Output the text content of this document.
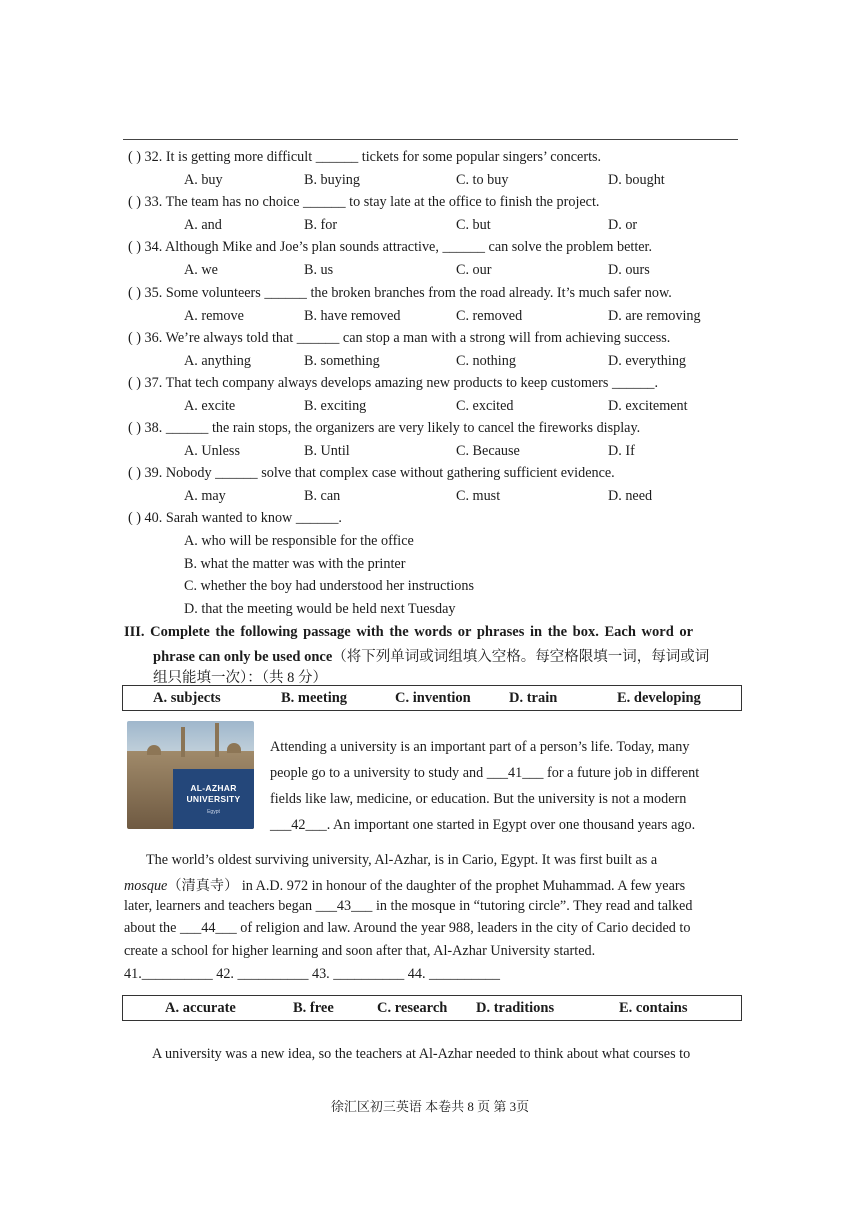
( ) 32. It is getting more difficult ______ tickets for some popular singers’ concerts.
A. buy	B. buying	C. to buy	D. bought
( ) 33. The team has no choice ______ to stay late at the office to finish the project.
A. and	B. for	C. but	D. or
( ) 34. Although Mike and Joe’s plan sounds attractive, ______ can solve the problem better.
A. we	B. us	C. our	D. ours
( ) 35. Some volunteers ______ the broken branches from the road already. It’s much safer now.
A. remove	B. have removed	C. removed	D. are removing
( ) 36. We’re always told that ______ can stop a man with a strong will from achieving success.
A. anything	B. something	C. nothing	D. everything
( ) 37. That tech company always develops amazing new products to keep customers ______.
A. excite	B. exciting	C. excited	D. excitement
( ) 38. ______ the rain stops, the organizers are very likely to cancel the fireworks display.
A. Unless	B. Until	C. Because	D. If
( ) 39. Nobody ______ solve that complex case without gathering sufficient evidence.
A. may	B. can	C. must	D. need
( ) 40. Sarah wanted to know ______.
A. who will be responsible for the office
B. what the matter was with the printer
C. whether the boy had understood her instructions
D. that the meeting would be held next Tuesday
III. Complete the following passage with the words or phrases in the box. Each word or
phrase can only be used once（将下列单词或词组填入空格。每空格限填一词，每词或词
组只能填一次）：（共 8 分）
A. subjects	B. meeting	C. invention	D. train	E. developing
AL-AZHAR
UNIVERSITY
Egypt
Attending a university is an important part of a person’s life. Today, many
people go to a university to study and ___41___ for a future job in different
fields like law, medicine, or education. But the university is not a modern
___42___. An important one started in Egypt over one thousand years ago.
The world’s oldest surviving university, Al-Azhar, is in Cario, Egypt. It was first built as a
mosque（清真寺） in A.D. 972 in honour of the daughter of the prophet Muhammad. A few years
later, learners and teachers began ___43___ in the mosque in “tutoring circle”. They read and talked
about the ___44___ of religion and law. Around the year 988, leaders in the city of Cario decided to
create a school for higher learning and soon after that, Al-Azhar University started.
41.__________ 42. __________ 43. __________ 44. __________
A. accurate	B. free	C. research D. traditions	E. contains
A university was a new idea, so the teachers at Al-Azhar needed to think about what courses to
徐汇区初三英语 本卷共 8 页 第 3页
